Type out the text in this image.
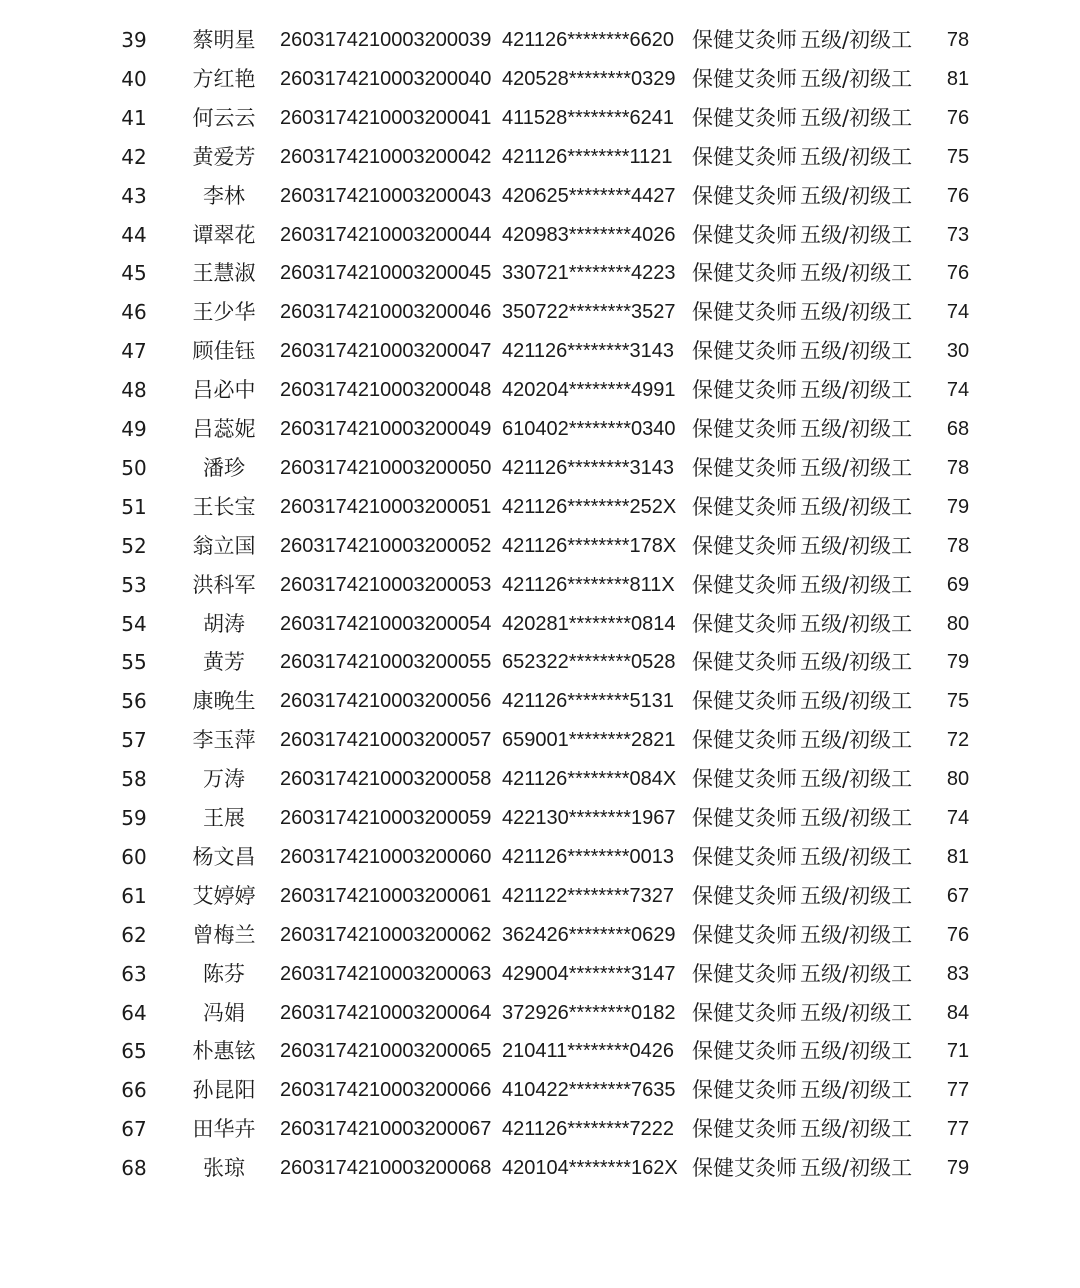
39	蔡明星	2603174210003200039 421126********6620 保健艾灸师 五级/初级工	78
40	方红艳	2603174210003200040 420528********0329 保健艾灸师 五级/初级工	81
41	何云云	2603174210003200041 411528********6241 保健艾灸师 五级/初级工	76
42	黄爱芳	2603174210003200042 421126********1121 保健艾灸师 五级/初级工	75
43	李林	2603174210003200043 420625********4427 保健艾灸师 五级/初级工	76
44	谭翠花	2603174210003200044 420983********4026 保健艾灸师 五级/初级工	73
45	王慧淑	2603174210003200045 330721********4223 保健艾灸师 五级/初级工	76
46	王少华	2603174210003200046 350722********3527 保健艾灸师 五级/初级工	74
47	顾佳钰	2603174210003200047 421126********3143 保健艾灸师 五级/初级工	30
48	吕必中	2603174210003200048 420204********4991 保健艾灸师 五级/初级工	74
49	吕蕊妮	2603174210003200049 610402********0340 保健艾灸师 五级/初级工	68
50	潘珍	2603174210003200050 421126********3143 保健艾灸师 五级/初级工	78
51	王长宝	2603174210003200051 421126********252X 保健艾灸师 五级/初级工	79
52	翁立国	2603174210003200052 421126********178X 保健艾灸师 五级/初级工	78
53	洪科军	2603174210003200053 421126********811X 保健艾灸师 五级/初级工	69
54	胡涛	2603174210003200054 420281********0814 保健艾灸师 五级/初级工	80
55	黄芳	2603174210003200055 652322********0528 保健艾灸师 五级/初级工	79
56	康晚生	2603174210003200056 421126********5131 保健艾灸师 五级/初级工	75
57	李玉萍	2603174210003200057 659001********2821 保健艾灸师 五级/初级工	72
58	万涛	2603174210003200058 421126********084X 保健艾灸师 五级/初级工	80
59	王展	2603174210003200059 422130********1967 保健艾灸师 五级/初级工	74
60	杨文昌	2603174210003200060 421126********0013 保健艾灸师 五级/初级工	81
61	艾婷婷	2603174210003200061 421122********7327 保健艾灸师 五级/初级工	67
62	曾梅兰	2603174210003200062 362426********0629 保健艾灸师 五级/初级工	76
63	陈芬	2603174210003200063 429004********3147 保健艾灸师 五级/初级工	83
64	冯娟	2603174210003200064 372926********0182 保健艾灸师 五级/初级工	84
65	朴惠铉	2603174210003200065 210411********0426 保健艾灸师 五级/初级工	71
66	孙昆阳	2603174210003200066 410422********7635 保健艾灸师 五级/初级工	77
67	田华卉	2603174210003200067 421126********7222 保健艾灸师 五级/初级工	77
68	张琼	2603174210003200068 420104********162X 保健艾灸师 五级/初级工	79
